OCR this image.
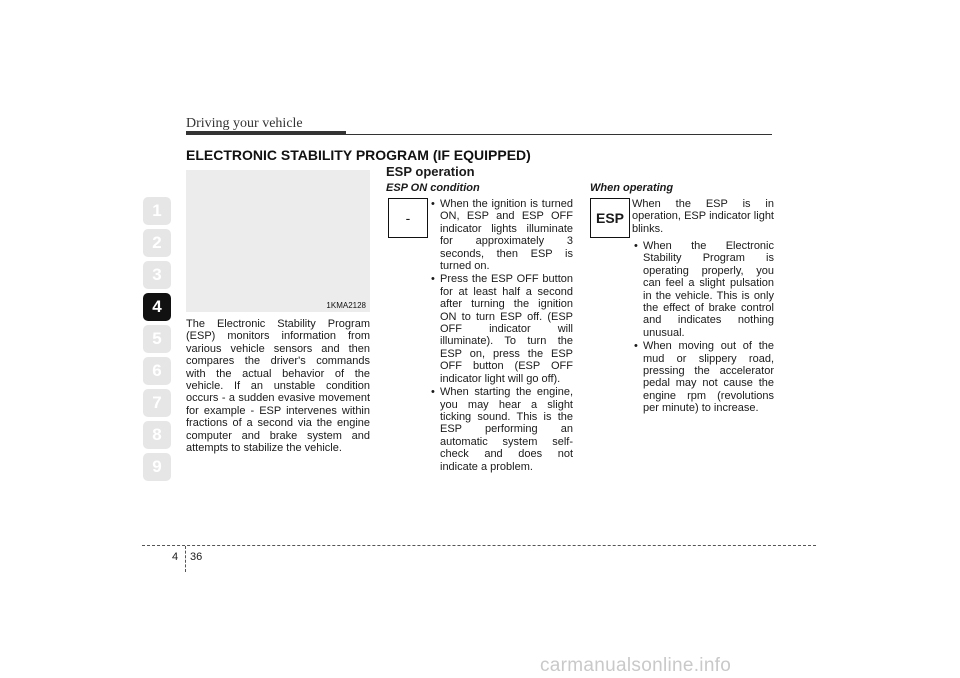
Driving your vehicle
ELECTRONIC STABILITY PROGRAM (IF EQUIPPED)
1
2
3
4
5
6
7
8
9
1KMA2128
The Electronic Stability Program (ESP) monitors information from various vehicle sensors and then compares the driver's commands with the actual behavior of the vehicle. If an unstable condition occurs - a sudden evasive movement for example - ESP intervenes within fractions of a second via the engine computer and brake system and attempts to stabilize the vehicle.
ESP operation
ESP ON condition
-
• When the ignition is turned ON, ESP and ESP OFF indicator lights illuminate for approximately 3 seconds, then ESP is turned on.
• Press the ESP OFF button for at least half a second after turning the ignition ON to turn ESP off. (ESP OFF indicator will illuminate). To turn the ESP on, press the ESP OFF button (ESP OFF indicator light will go off).
• When starting the engine, you may hear a slight ticking sound. This is the ESP performing an automatic system self-check and does not indicate a problem.
When operating
ESP
When the ESP is in operation, ESP indicator light blinks.
• When the Electronic Stability Program is operating properly, you can feel a slight pulsation in the vehicle. This is only the effect of brake control and indicates nothing unusual.
• When moving out of the mud or slippery road, pressing the accelerator pedal may not cause the engine rpm (revolutions per minute) to increase.
4 36
carmanualsonline.info
